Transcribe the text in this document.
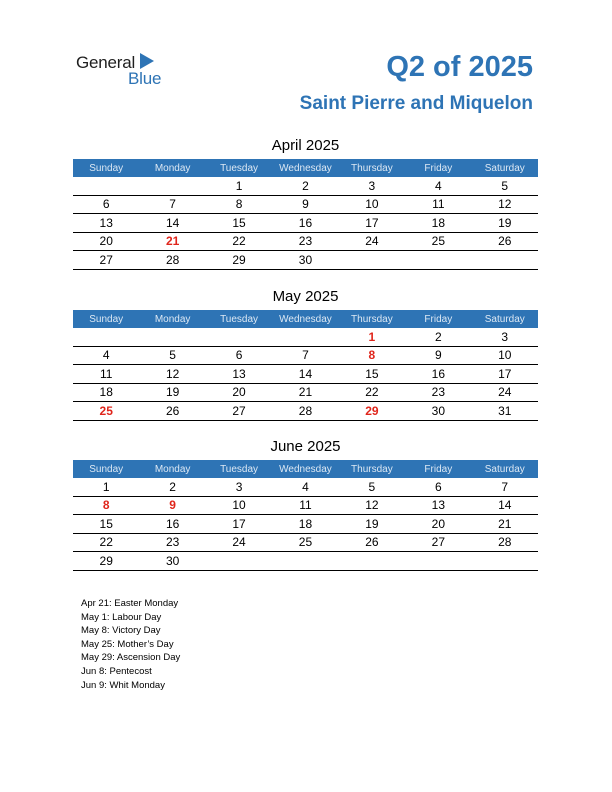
General
Blue	Q2 of 2025
Saint Pierre and Miquelon
April 2025
Sunday	Monday	Tuesday	Wednesday	Thursday	Friday	Saturday
		1	2	3	4	5
6	7	8	9	10	11	12
13	14	15	16	17	18	19
20	21	22	23	24	25	26
27	28	29	30			
May 2025
Sunday	Monday	Tuesday	Wednesday	Thursday	Friday	Saturday
				1	2	3
4	5	6	7	8	9	10
11	12	13	14	15	16	17
18	19	20	21	22	23	24
25	26	27	28	29	30	31
June 2025
Sunday	Monday	Tuesday	Wednesday	Thursday	Friday	Saturday
1	2	3	4	5	6	7
8	9	10	11	12	13	14
15	16	17	18	19	20	21
22	23	24	25	26	27	28
29	30					
Apr 21: Easter Monday
May 1: Labour Day
May 8: Victory Day
May 25: Mother’s Day
May 29: Ascension Day
Jun 8: Pentecost
Jun 9: Whit Monday
